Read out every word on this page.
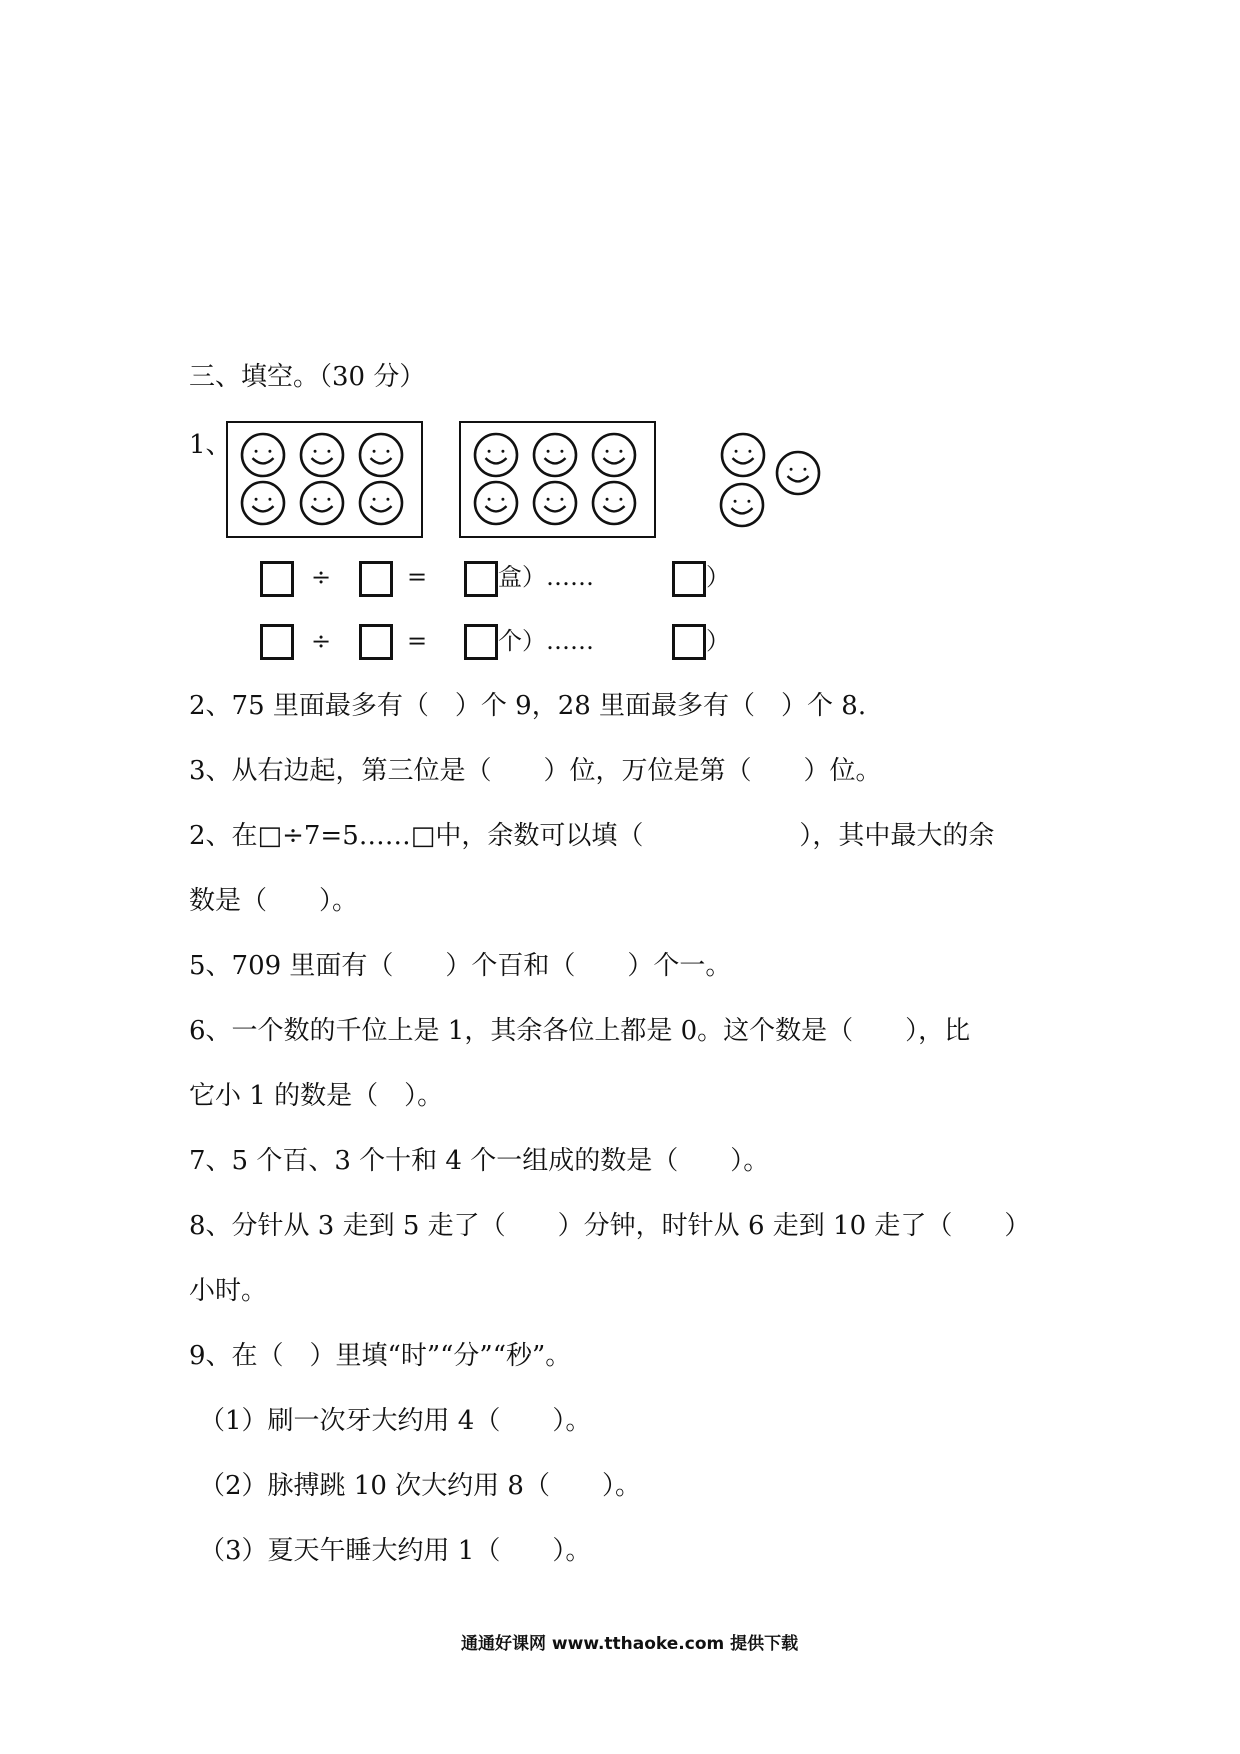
三、填空。（30 分）
1、
÷	=	盒）……	）
÷	=	个）……	）
2、75 里面最多有（　）个 9，28 里面最多有（　）个 8.
3、从右边起，第三位是（　　）位，万位是第（　　）位。
2、在□÷7=5……□中，余数可以填（　　　　　　），其中最大的余
数是（　　）。
5、709 里面有（　　）个百和（　　）个一。
6、一个数的千位上是 1，其余各位上都是 0。这个数是（　　），比
它小 1 的数是（　）。
7、5 个百、3 个十和 4 个一组成的数是（　　）。
8、分针从 3 走到 5 走了（　　）分钟，时针从 6 走到 10 走了（　　）
小时。
9、在（　）里填“时”“分”“秒”。
（1）刷一次牙大约用 4（　　）。
（2）脉搏跳 10 次大约用 8（　　）。
（3）夏天午睡大约用 1（　　）。
通通好课网 www.tthaoke.com 提供下载
